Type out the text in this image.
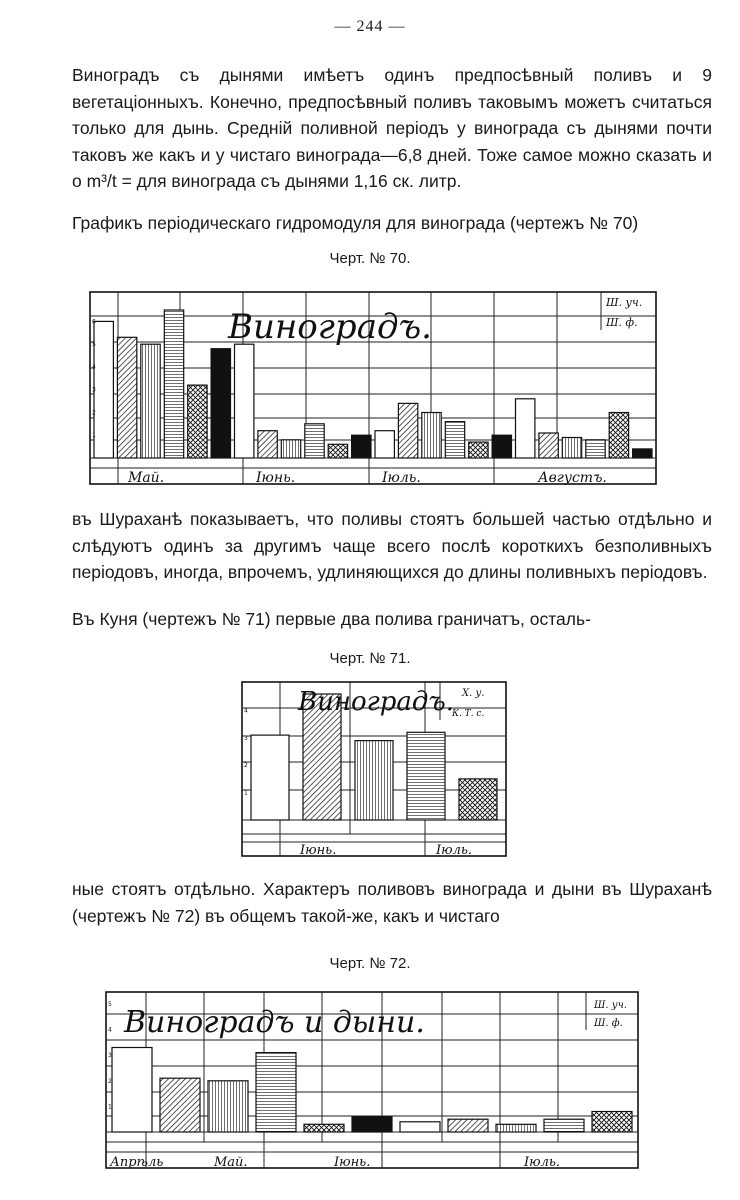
— 244 —

Виноградъ съ дынями имѣетъ одинъ предпосѣвный поливъ и 9 вегетаціонныхъ. Конечно, предпосѣвный поливъ таковымъ можетъ считаться только для дынь. Средній поливной періодъ у винограда съ дынями почти таковъ же какъ и у чистаго винограда—6,8 дней. Тоже самое можно сказать и о m³/t = для винограда съ дынями 1,16 ск. литр.

Графикъ періодическаго гидромодуля для винограда (чертежъ № 70)

Черт. № 70.
1
2
3
4
5
6	Виноградъ.
Ш. уч.
Ш. ф.
Май.	Іюнь.	Іюль.	Августъ.

въ Шураханѣ показываетъ, что поливы стоятъ большей частью отдѣльно и слѣдуютъ одинъ за другимъ чаще всего послѣ короткихъ безполивныхъ періодовъ, иногда, впрочемъ, удлиняющихся до длины поливныхъ періодовъ.

Въ Куня (чертежъ № 71) первые два полива граничатъ, осталь-

Черт. № 71.
1
2
3
4 Виноградъ. Х. у.
К. Т. с.
Іюнь.	Іюль.

ные стоятъ отдѣльно. Характеръ поливовъ винограда и дыни въ Шураханѣ (чертежъ № 72) въ общемъ такой-же, какъ и чистаго

Черт. № 72.
1
2
3
4
5
Виноградъ и дыни.	Ш. уч.
Ш. ф.
Апрѣль	Май.	Іюнь.	Іюль.
